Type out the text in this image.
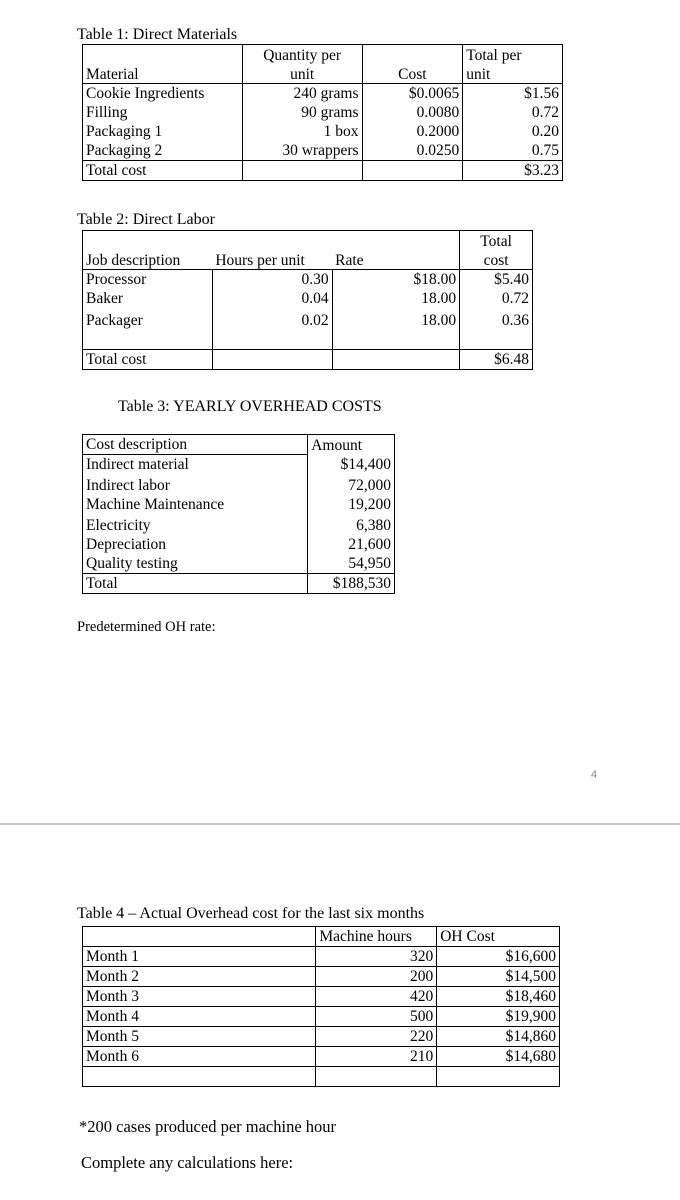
Table 1: Direct Materials
	Quantity per		Total per
Material	unit	Cost	unit
Cookie Ingredients	240 grams	$0.0065	$1.56
Filling	90 grams	0.0080	0.72
Packaging 1	1 box	0.2000	0.20
Packaging 2	30 wrappers	0.0250	0.75
Total cost			$3.23
Table 2: Direct Labor
			Total
Job description	Hours per unit	Rate	cost
Processor	0.30	$18.00	$5.40
Baker	0.04	18.00	0.72
Packager	0.02	18.00	0.36

Total cost			$6.48
Table 3: YEARLY OVERHEAD COSTS
Cost description	Amount
Indirect material	$14,400
Indirect labor	72,000
Machine Maintenance	19,200
Electricity	6,380
Depreciation	21,600
Quality testing	54,950
Total	$188,530
Predetermined OH rate:
4
Table 4 – Actual Overhead cost for the last six months
	Machine hours	OH Cost
Month 1	320	$16,600
Month 2	200	$14,500
Month 3	420	$18,460
Month 4	500	$19,900
Month 5	220	$14,860
Month 6	210	$14,680

*200 cases produced per machine hour
Complete any calculations here:
